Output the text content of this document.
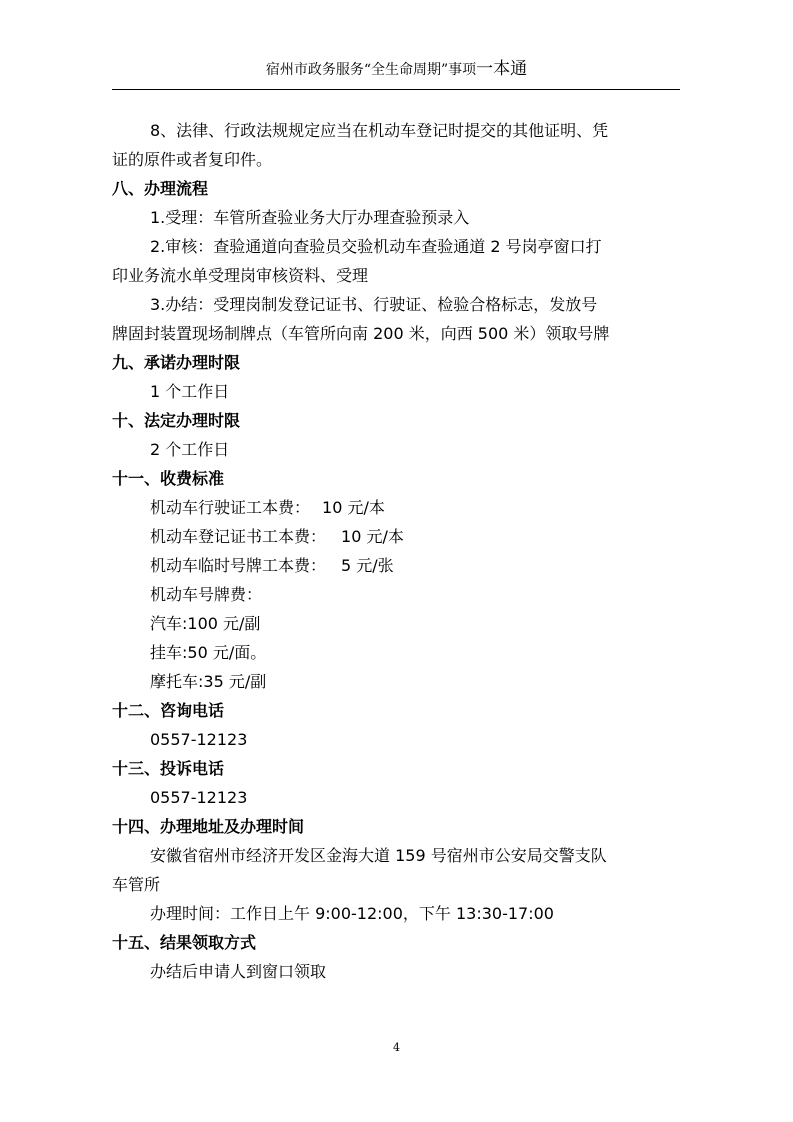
宿州市政务服务“全生命周期”事项一本通
8、法律、行政法规规定应当在机动车登记时提交的其他证明、凭
证的原件或者复印件。
八、办理流程
1.受理：车管所查验业务大厅办理查验预录入
2.审核：查验通道向查验员交验机动车查验通道 2 号岗亭窗口打
印业务流水单受理岗审核资料、受理
3.办结：受理岗制发登记证书、行驶证、检验合格标志，发放号
牌固封装置现场制牌点（车管所向南 200 米，向西 500 米）领取号牌
九、承诺办理时限
1 个工作日
十、法定办理时限
2 个工作日
十一、收费标准
机动车行驶证工本费： 10 元/本
机动车登记证书工本费： 10 元/本
机动车临时号牌工本费： 5 元/张
机动车号牌费：
汽车:100 元/副
挂车:50 元/面。
摩托车:35 元/副
十二、咨询电话
0557-12123
十三、投诉电话
0557-12123
十四、办理地址及办理时间
安徽省宿州市经济开发区金海大道 159 号宿州市公安局交警支队
车管所
办理时间：工作日上午 9:00-12:00，下午 13:30-17:00
十五、结果领取方式
办结后申请人到窗口领取
4
